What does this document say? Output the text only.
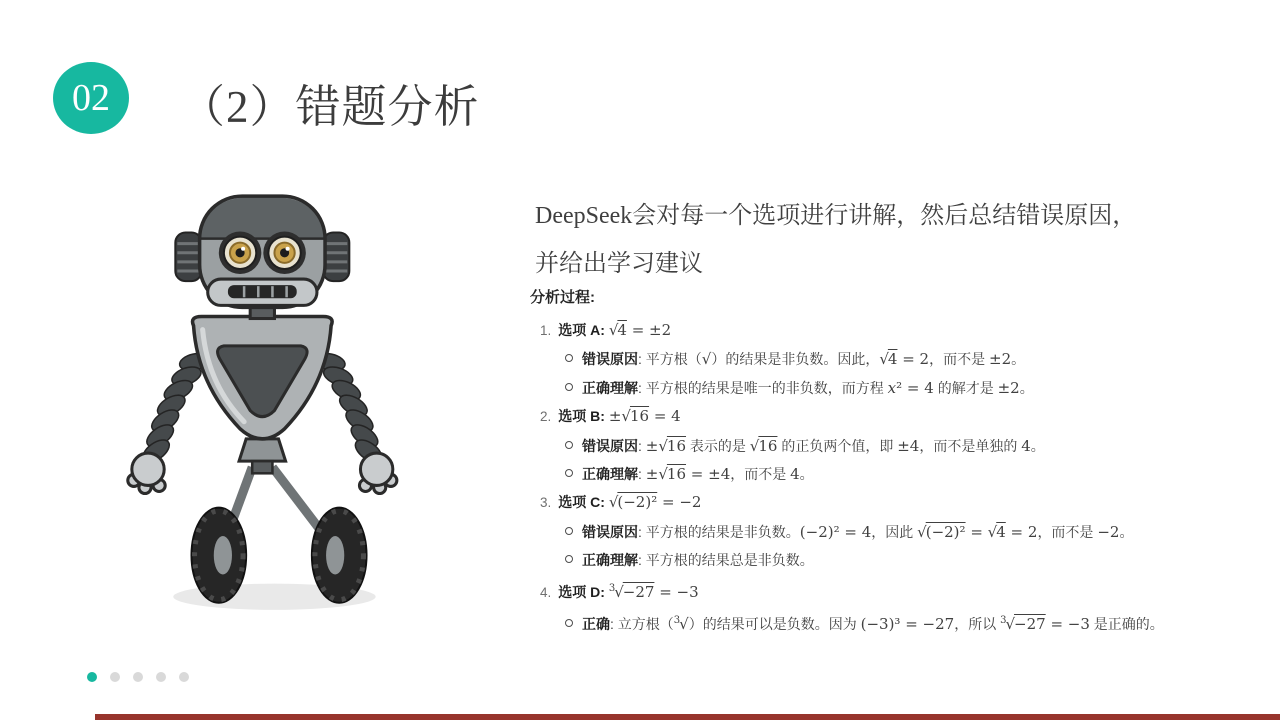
02 （2）错题分析
DeepSeek会对每一个选项进行讲解，然后总结错误原因，
并给出学习建议
分析过程:
1. 选项 A: √4 = ±2
错误原因: 平方根（√）的结果是非负数。因此，√4 = 2，而不是 ±2。
正确理解: 平方根的结果是唯一的非负数，而方程 x² = 4 的解才是 ±2。
2. 选项 B: ±√16 = 4
错误原因: ±√16 表示的是 √16 的正负两个值，即 ±4，而不是单独的 4。
正确理解: ±√16 = ±4，而不是 4。
3. 选项 C: √(−2)² = −2
错误原因: 平方根的结果是非负数。(−2)² = 4，因此 √(−2)² = √4 = 2，而不是 −2。
正确理解: 平方根的结果总是非负数。
4. 选项 D: $^3$√−27 = −3
正确: 立方根（$^3$√）的结果可以是负数。因为 (−3)³ = −27，所以 $^3$√−27 = −3 是正确的。
